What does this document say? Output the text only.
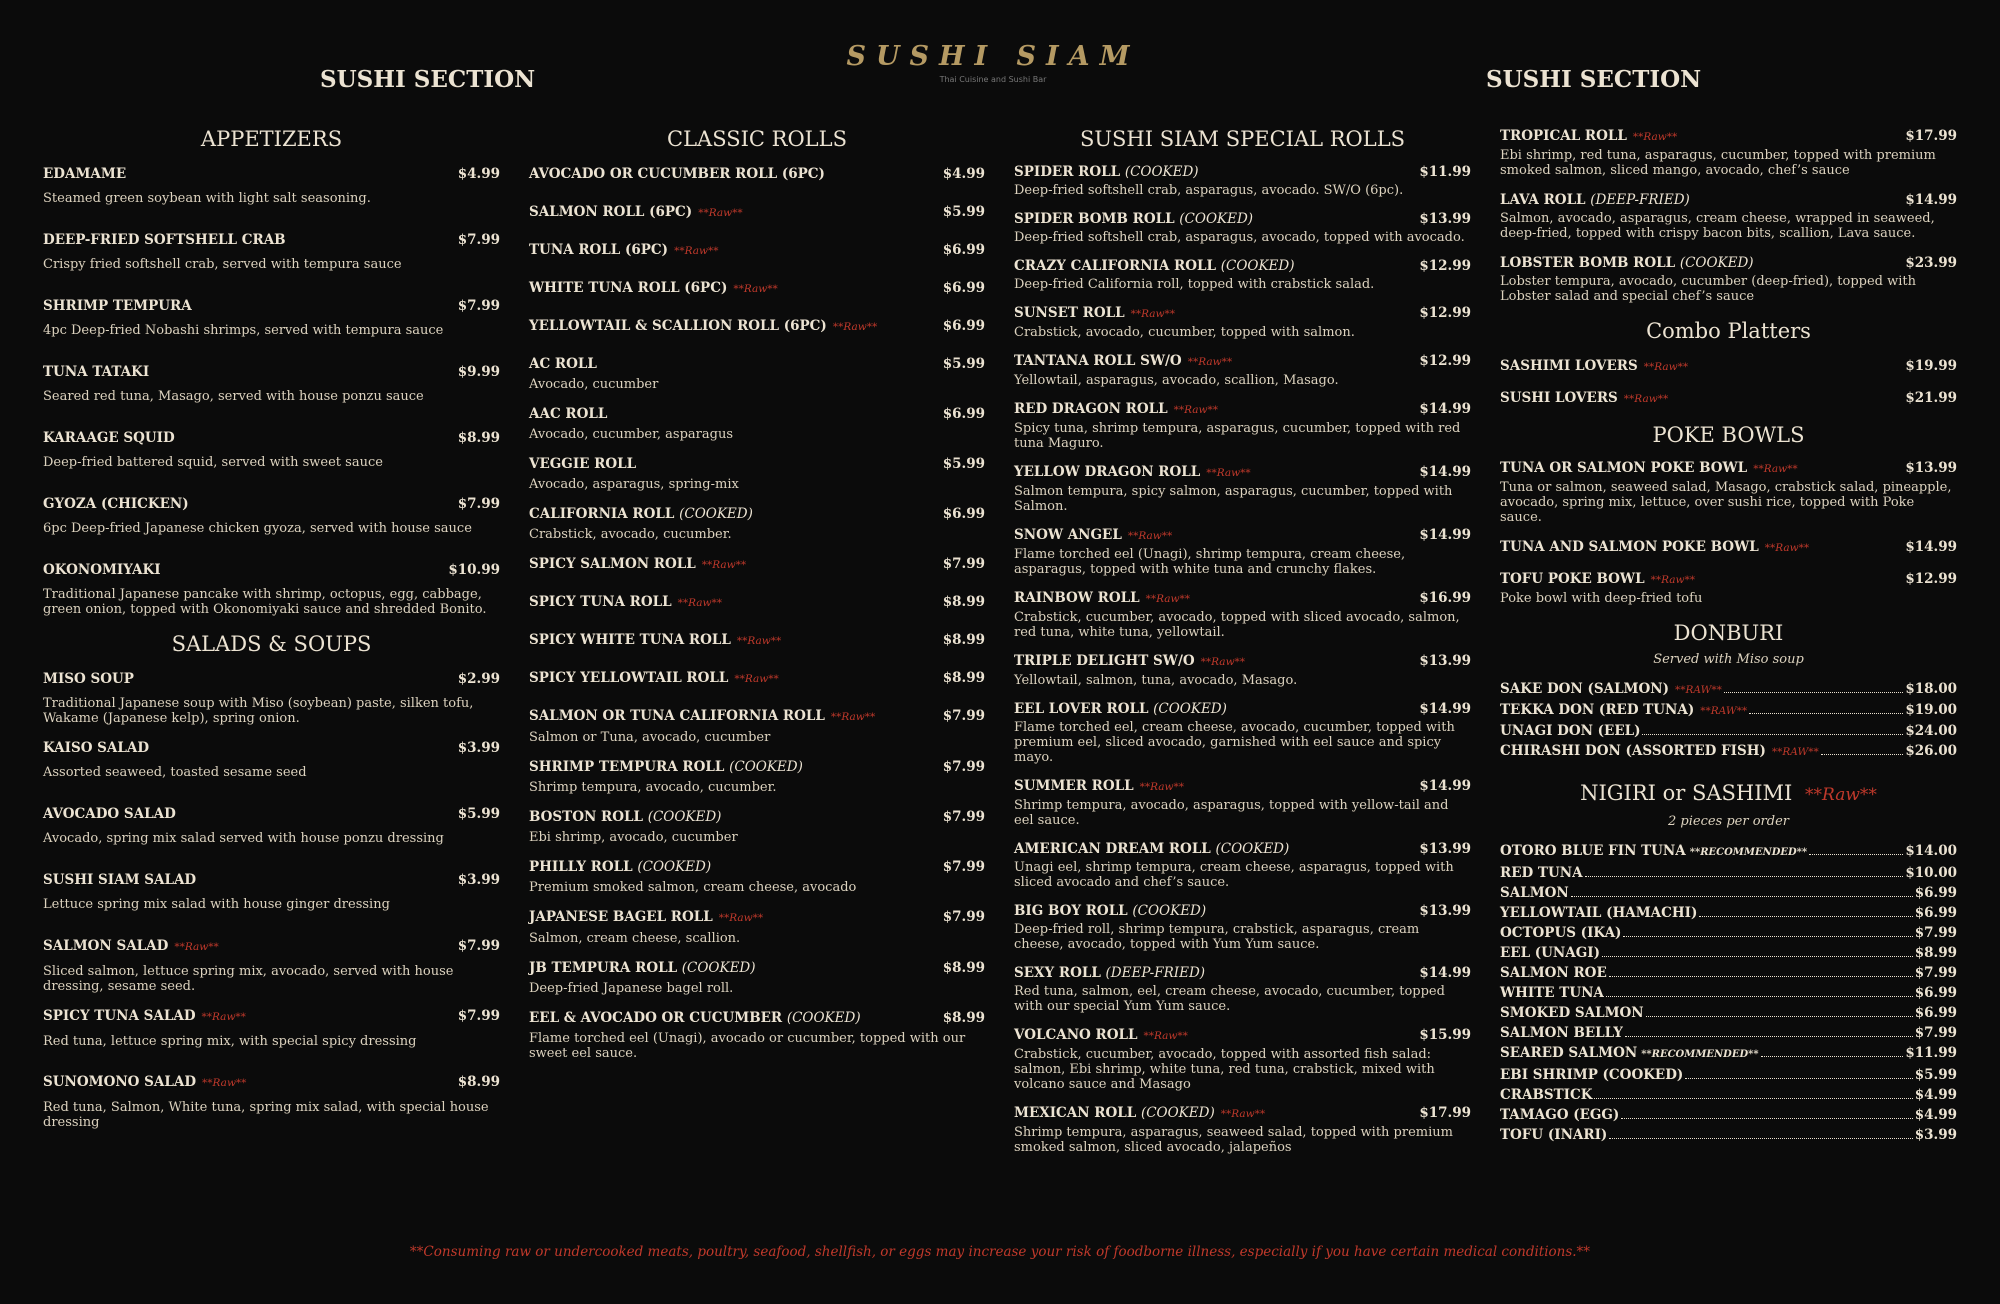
SUSHI SIAM
Thai Cuisine and Sushi Bar
SUSHI SECTION	SUSHI SECTION
APPETIZERS
EDAMAME	$4.99
Steamed green soybean with light salt seasoning.
DEEP-FRIED SOFTSHELL CRAB	$7.99
Crispy fried softshell crab, served with tempura sauce
SHRIMP TEMPURA	$7.99
4pc Deep-fried Nobashi shrimps, served with tempura sauce
TUNA TATAKI	$9.99
Seared red tuna, Masago, served with house ponzu sauce
KARAAGE SQUID	$8.99
Deep-fried battered squid, served with sweet sauce
GYOZA (CHICKEN)	$7.99
6pc Deep-fried Japanese chicken gyoza, served with house sauce
OKONOMIYAKI	$10.99
Traditional Japanese pancake with shrimp, octopus, egg, cabbage, green onion, topped with Okonomiyaki sauce and shredded Bonito.
SALADS & SOUPS
MISO SOUP	$2.99
Traditional Japanese soup with Miso (soybean) paste, silken tofu, Wakame (Japanese kelp), spring onion.
KAISO SALAD	$3.99
Assorted seaweed, toasted sesame seed
AVOCADO SALAD	$5.99
Avocado, spring mix salad served with house ponzu dressing
SUSHI SIAM SALAD	$3.99
Lettuce spring mix salad with house ginger dressing
SALMON SALAD **Raw**	$7.99
Sliced salmon, lettuce spring mix, avocado, served with house dressing, sesame seed.
SPICY TUNA SALAD **Raw**	$7.99
Red tuna, lettuce spring mix, with special spicy dressing
SUNOMONO SALAD **Raw**	$8.99
Red tuna, Salmon, White tuna, spring mix salad, with special house dressing
CLASSIC ROLLS
AVOCADO OR CUCUMBER ROLL (6PC)	$4.99
SALMON ROLL (6PC) **Raw**	$5.99
TUNA ROLL (6PC) **Raw**	$6.99
WHITE TUNA ROLL (6PC) **Raw**	$6.99
YELLOWTAIL & SCALLION ROLL (6PC) **Raw**	$6.99
AC ROLL	$5.99
Avocado, cucumber
AAC ROLL	$6.99
Avocado, cucumber, asparagus
VEGGIE ROLL	$5.99
Avocado, asparagus, spring-mix
CALIFORNIA ROLL (COOKED)	$6.99
Crabstick, avocado, cucumber.
SPICY SALMON ROLL **Raw**	$7.99
SPICY TUNA ROLL **Raw**	$8.99
SPICY WHITE TUNA ROLL **Raw**	$8.99
SPICY YELLOWTAIL ROLL **Raw**	$8.99
SALMON OR TUNA CALIFORNIA ROLL **Raw**	$7.99
Salmon or Tuna, avocado, cucumber
SHRIMP TEMPURA ROLL (COOKED)	$7.99
Shrimp tempura, avocado, cucumber.
BOSTON ROLL (COOKED)	$7.99
Ebi shrimp, avocado, cucumber
PHILLY ROLL (COOKED)	$7.99
Premium smoked salmon, cream cheese, avocado
JAPANESE BAGEL ROLL **Raw**	$7.99
Salmon, cream cheese, scallion.
JB TEMPURA ROLL (COOKED)	$8.99
Deep-fried Japanese bagel roll.
EEL & AVOCADO OR CUCUMBER (COOKED)	$8.99
Flame torched eel (Unagi), avocado or cucumber, topped with our sweet eel sauce.
SUSHI SIAM SPECIAL ROLLS
SPIDER ROLL (COOKED)	$11.99
Deep-fried softshell crab, asparagus, avocado. SW/O (6pc).
SPIDER BOMB ROLL (COOKED)	$13.99
Deep-fried softshell crab, asparagus, avocado, topped with avocado.
CRAZY CALIFORNIA ROLL (COOKED)	$12.99
Deep-fried California roll, topped with crabstick salad.
SUNSET ROLL **Raw**	$12.99
Crabstick, avocado, cucumber, topped with salmon.
TANTANA ROLL SW/O **Raw**	$12.99
Yellowtail, asparagus, avocado, scallion, Masago.
RED DRAGON ROLL **Raw**	$14.99
Spicy tuna, shrimp tempura, asparagus, cucumber, topped with red tuna Maguro.
YELLOW DRAGON ROLL **Raw**	$14.99
Salmon tempura, spicy salmon, asparagus, cucumber, topped with Salmon.
SNOW ANGEL **Raw**	$14.99
Flame torched eel (Unagi), shrimp tempura, cream cheese, asparagus, topped with white tuna and crunchy flakes.
RAINBOW ROLL **Raw**	$16.99
Crabstick, cucumber, avocado, topped with sliced avocado, salmon, red tuna, white tuna, yellowtail.
TRIPLE DELIGHT SW/O **Raw**	$13.99
Yellowtail, salmon, tuna, avocado, Masago.
EEL LOVER ROLL (COOKED)	$14.99
Flame torched eel, cream cheese, avocado, cucumber, topped with premium eel, sliced avocado, garnished with eel sauce and spicy mayo.
SUMMER ROLL **Raw**	$14.99
Shrimp tempura, avocado, asparagus, topped with yellow-tail and eel sauce.
AMERICAN DREAM ROLL (COOKED)	$13.99
Unagi eel, shrimp tempura, cream cheese, asparagus, topped with sliced avocado and chef’s sauce.
BIG BOY ROLL (COOKED)	$13.99
Deep-fried roll, shrimp tempura, crabstick, asparagus, cream cheese, avocado, topped with Yum Yum sauce.
SEXY ROLL (DEEP-FRIED)	$14.99
Red tuna, salmon, eel, cream cheese, avocado, cucumber, topped with our special Yum Yum sauce.
VOLCANO ROLL **Raw**	$15.99
Crabstick, cucumber, avocado, topped with assorted fish salad: salmon, Ebi shrimp, white tuna, red tuna, crabstick, mixed with volcano sauce and Masago
MEXICAN ROLL (COOKED) **Raw**	$17.99
Shrimp tempura, asparagus, seaweed salad, topped with premium smoked salmon, sliced avocado, jalapeños
TROPICAL ROLL **Raw**	$17.99
Ebi shrimp, red tuna, asparagus, cucumber, topped with premium smoked salmon, sliced mango, avocado, chef’s sauce
LAVA ROLL (DEEP-FRIED)	$14.99
Salmon, avocado, asparagus, cream cheese, wrapped in seaweed, deep-fried, topped with crispy bacon bits, scallion, Lava sauce.
LOBSTER BOMB ROLL (COOKED)	$23.99
Lobster tempura, avocado, cucumber (deep-fried), topped with Lobster salad and special chef’s sauce
Combo Platters
SASHIMI LOVERS **Raw**	$19.99
SUSHI LOVERS **Raw**	$21.99
POKE BOWLS
TUNA OR SALMON POKE BOWL **Raw**	$13.99
Tuna or salmon, seaweed salad, Masago, crabstick salad, pineapple, avocado, spring mix, lettuce, over sushi rice, topped with Poke sauce.
TUNA AND SALMON POKE BOWL **Raw**	$14.99
TOFU POKE BOWL **Raw**	$12.99
Poke bowl with deep-fried tofu
DONBURI
Served with Miso soup
SAKE DON (SALMON) **RAW**	$18.00
TEKKA DON (RED TUNA) **RAW**	$19.00
UNAGI DON (EEL)	$24.00
CHIRASHI DON (ASSORTED FISH) **RAW**	$26.00
NIGIRI or SASHIMI **Raw**
2 pieces per order
OTORO BLUE FIN TUNA **RECOMMENDED**	$14.00
RED TUNA	$10.00
SALMON	$6.99
YELLOWTAIL (HAMACHI)	$6.99
OCTOPUS (IKA)	$7.99
EEL (UNAGI)	$8.99
SALMON ROE	$7.99
WHITE TUNA	$6.99
SMOKED SALMON	$6.99
SALMON BELLY	$7.99
SEARED SALMON **RECOMMENDED**	$11.99
EBI SHRIMP (COOKED)	$5.99
CRABSTICK	$4.99
TAMAGO (EGG)	$4.99
TOFU (INARI)	$3.99
**Consuming raw or undercooked meats, poultry, seafood, shellfish, or eggs may increase your risk of foodborne illness, especially if you have certain medical conditions.**
